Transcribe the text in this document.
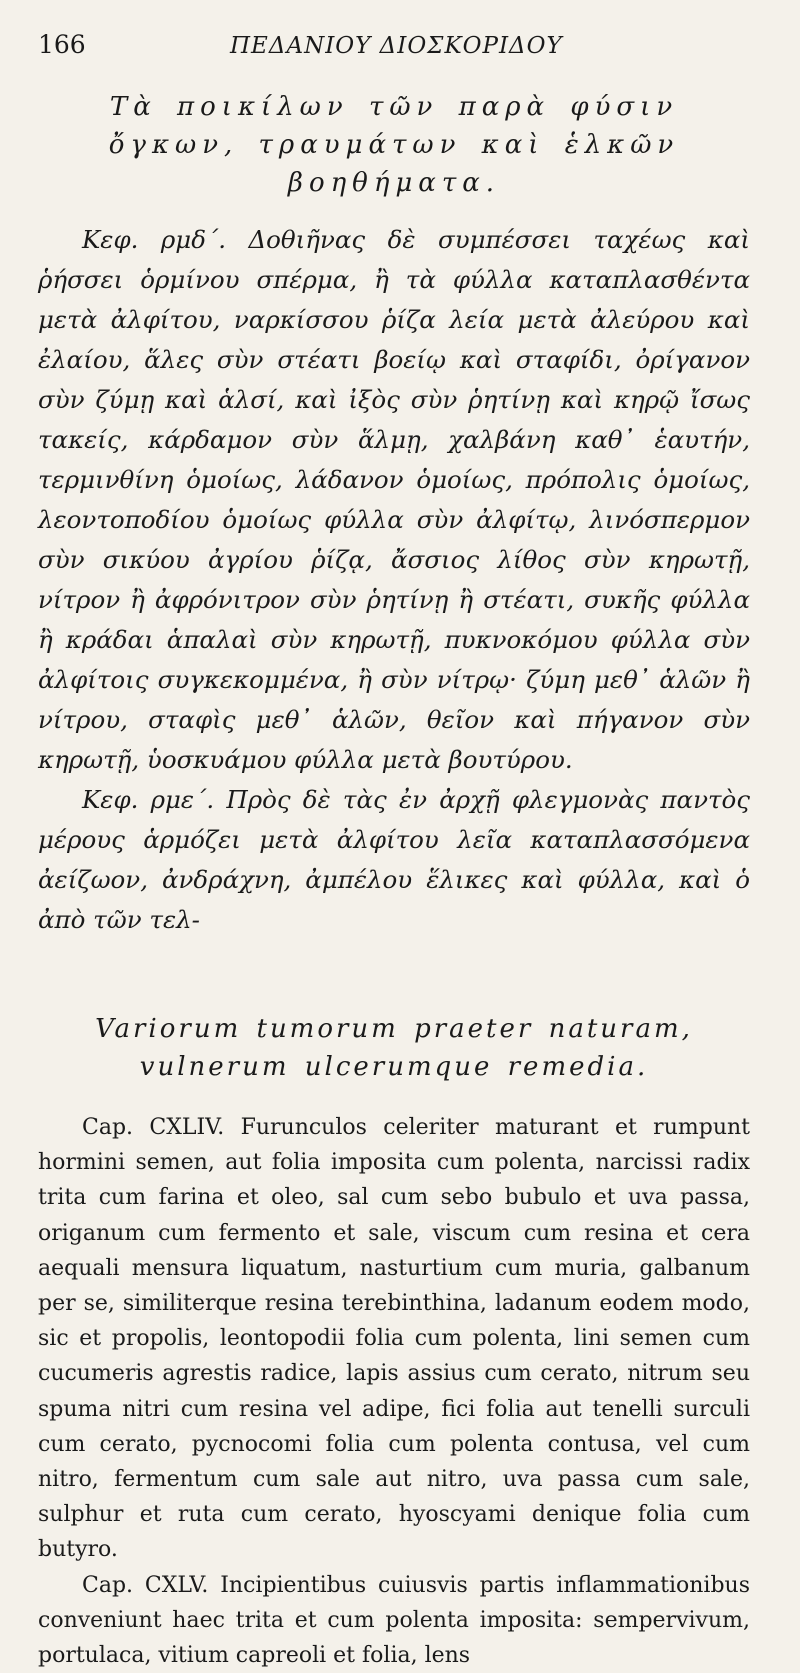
166	ΠΕΔΑΝΙΟΥ ΔΙΟΣΚΟΡΙΔΟΥ

Τὰ ποικίλων τῶν παρὰ φύσιν ὄγκων, τραυμάτων καὶ ἑλκῶν βοηθήματα.

Κεφ. ρμδ΄. Δοθιῆνας δὲ συμπέσσει ταχέως καὶ ῥήσσει ὁρμίνου σπέρμα, ἢ τὰ φύλλα καταπλασθέντα μετὰ ἀλφίτου, ναρκίσσου ῥίζα λεία μετὰ ἀλεύρου καὶ ἐλαίου, ἅλες σὺν στέατι βοείῳ καὶ σταφίδι, ὀρίγανον σὺν ζύμῃ καὶ ἁλσί, καὶ ἰξὸς σὺν ῥητίνῃ καὶ κηρῷ ἴσως τακείς, κάρδαμον σὺν ἅλμῃ, χαλβάνη καθ᾿ ἑαυτήν, τερμινθίνη ὁμοίως, λάδανον ὁμοίως, πρόπολις ὁμοίως, λεοντοποδίου ὁμοίως φύλλα σὺν ἀλφίτῳ, λινόσπερμον σὺν σικύου ἀγρίου ῥίζᾳ, ἄσσιος λίθος σὺν κηρωτῇ, νίτρον ἢ ἀφρόνιτρον σὺν ῥητίνῃ ἢ στέατι, συκῆς φύλλα ἢ κράδαι ἁπαλαὶ σὺν κηρωτῇ, πυκνοκόμου φύλλα σὺν ἀλφίτοις συγκεκομμένα, ἢ σὺν νίτρῳ· ζύμη μεθ᾿ ἁλῶν ἢ νίτρου, σταφὶς μεθ᾿ ἁλῶν, θεῖον καὶ πήγανον σὺν κηρωτῇ, ὑοσκυάμου φύλλα μετὰ βουτύρου.

Κεφ. ρμε΄. Πρὸς δὲ τὰς ἐν ἀρχῇ φλεγμονὰς παντὸς μέρους ἁρμόζει μετὰ ἀλφίτου λεῖα καταπλασσόμενα ἀείζωον, ἀνδράχνη, ἀμπέλου ἕλικες καὶ φύλλα, καὶ ὁ ἀπὸ τῶν τελ-

Variorum tumorum praeter naturam, vulnerum ulcerumque remedia.

Cap. CXLIV. Furunculos celeriter maturant et rumpunt hormini semen, aut folia imposita cum polenta, narcissi radix trita cum farina et oleo, sal cum sebo bubulo et uva passa, origanum cum fermento et sale, viscum cum resina et cera aequali mensura liquatum, nasturtium cum muria, galbanum per se, similiterque resina terebinthina, ladanum eodem modo, sic et propolis, leontopodii folia cum polenta, lini semen cum cucumeris agrestis radice, lapis assius cum cerato, nitrum seu spuma nitri cum resina vel adipe, fici folia aut tenelli surculi cum cerato, pycnocomi folia cum polenta contusa, vel cum nitro, fermentum cum sale aut nitro, uva passa cum sale, sulphur et ruta cum cerato, hyoscyami denique folia cum butyro.

Cap. CXLV. Incipientibus cuiusvis partis inflammationibus conveniunt haec trita et cum polenta imposita: sempervivum, portulaca, vitium capreoli et folia, lens
